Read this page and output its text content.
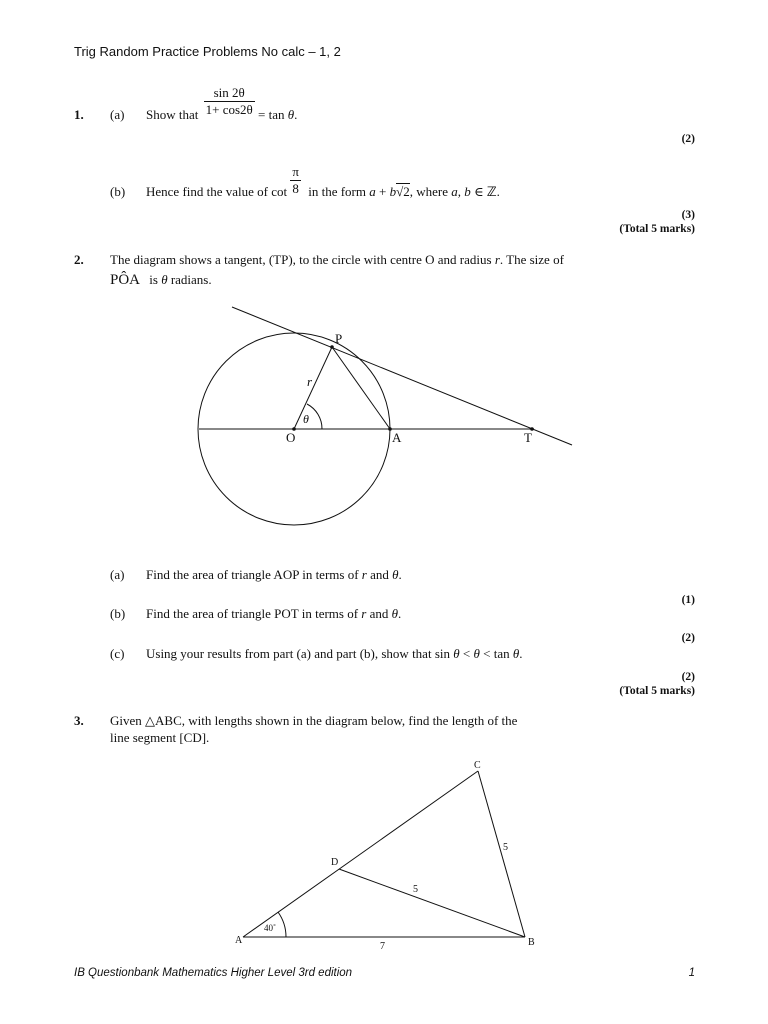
Trig Random Practice Problems No calc – 1, 2
1. (a) Show that $\frac{\sin 2\theta}{1+ \cos 2\theta} = \tan \theta$.
(2)
(b) Hence find the value of $\cot \frac{\pi}{8}$ in the form a + b√2, where a, b ∈ ℤ.
(3)
(Total 5 marks)
2. The diagram shows a tangent, (TP), to the circle with centre O and radius r. The size of
PÔA is θ radians.
P
O	A	T
r
θ
(a) Find the area of triangle AOP in terms of r and θ.
(1)
(b) Find the area of triangle POT in terms of r and θ.
(2)
(c) Using your results from part (a) and part (b), show that sin θ < θ < tan θ.
(2)
(Total 5 marks)
3. Given △ABC, with lengths shown in the diagram below, find the length of the
line segment [CD].
A	B
C
D
40˚
7
5
5
IB Questionbank Mathematics Higher Level 3rd edition	1
